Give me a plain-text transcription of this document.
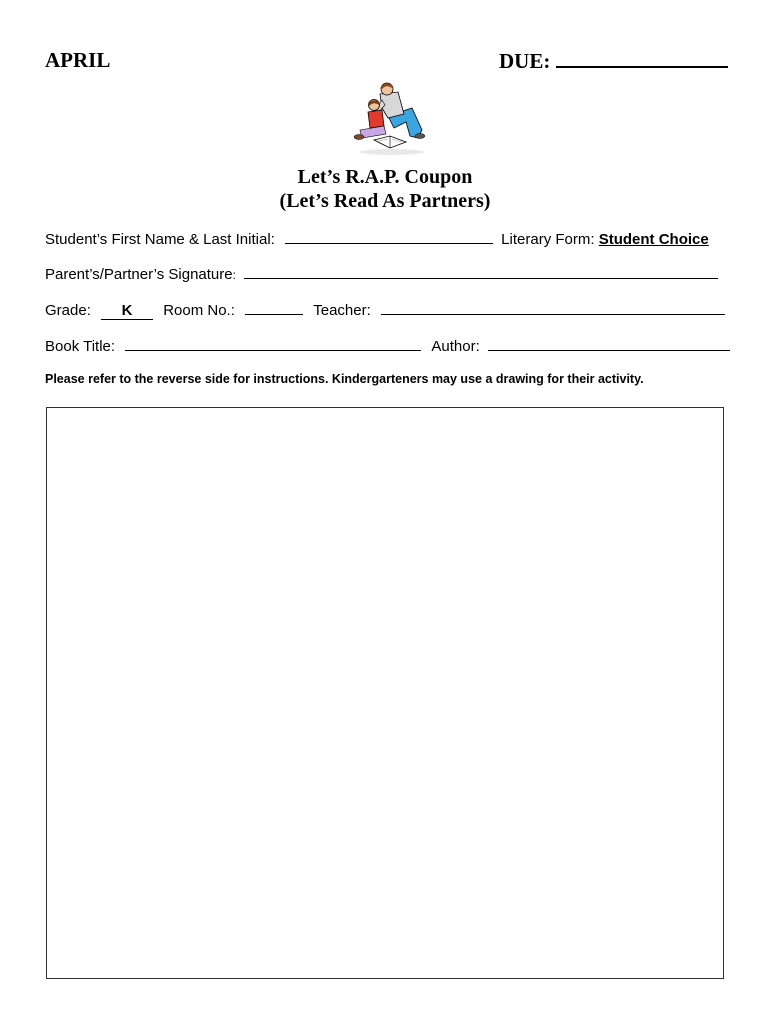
APRIL	DUE:
Let’s R.A.P. Coupon
(Let’s Read As Partners)
Student’s First Name & Last Initial:	Literary Form: Student Choice
Parent’s/Partner’s Signature:
Grade: K Room No.:	Teacher:
Book Title:	Author:
Please refer to the reverse side for instructions. Kindergarteners may use a drawing for their activity.
